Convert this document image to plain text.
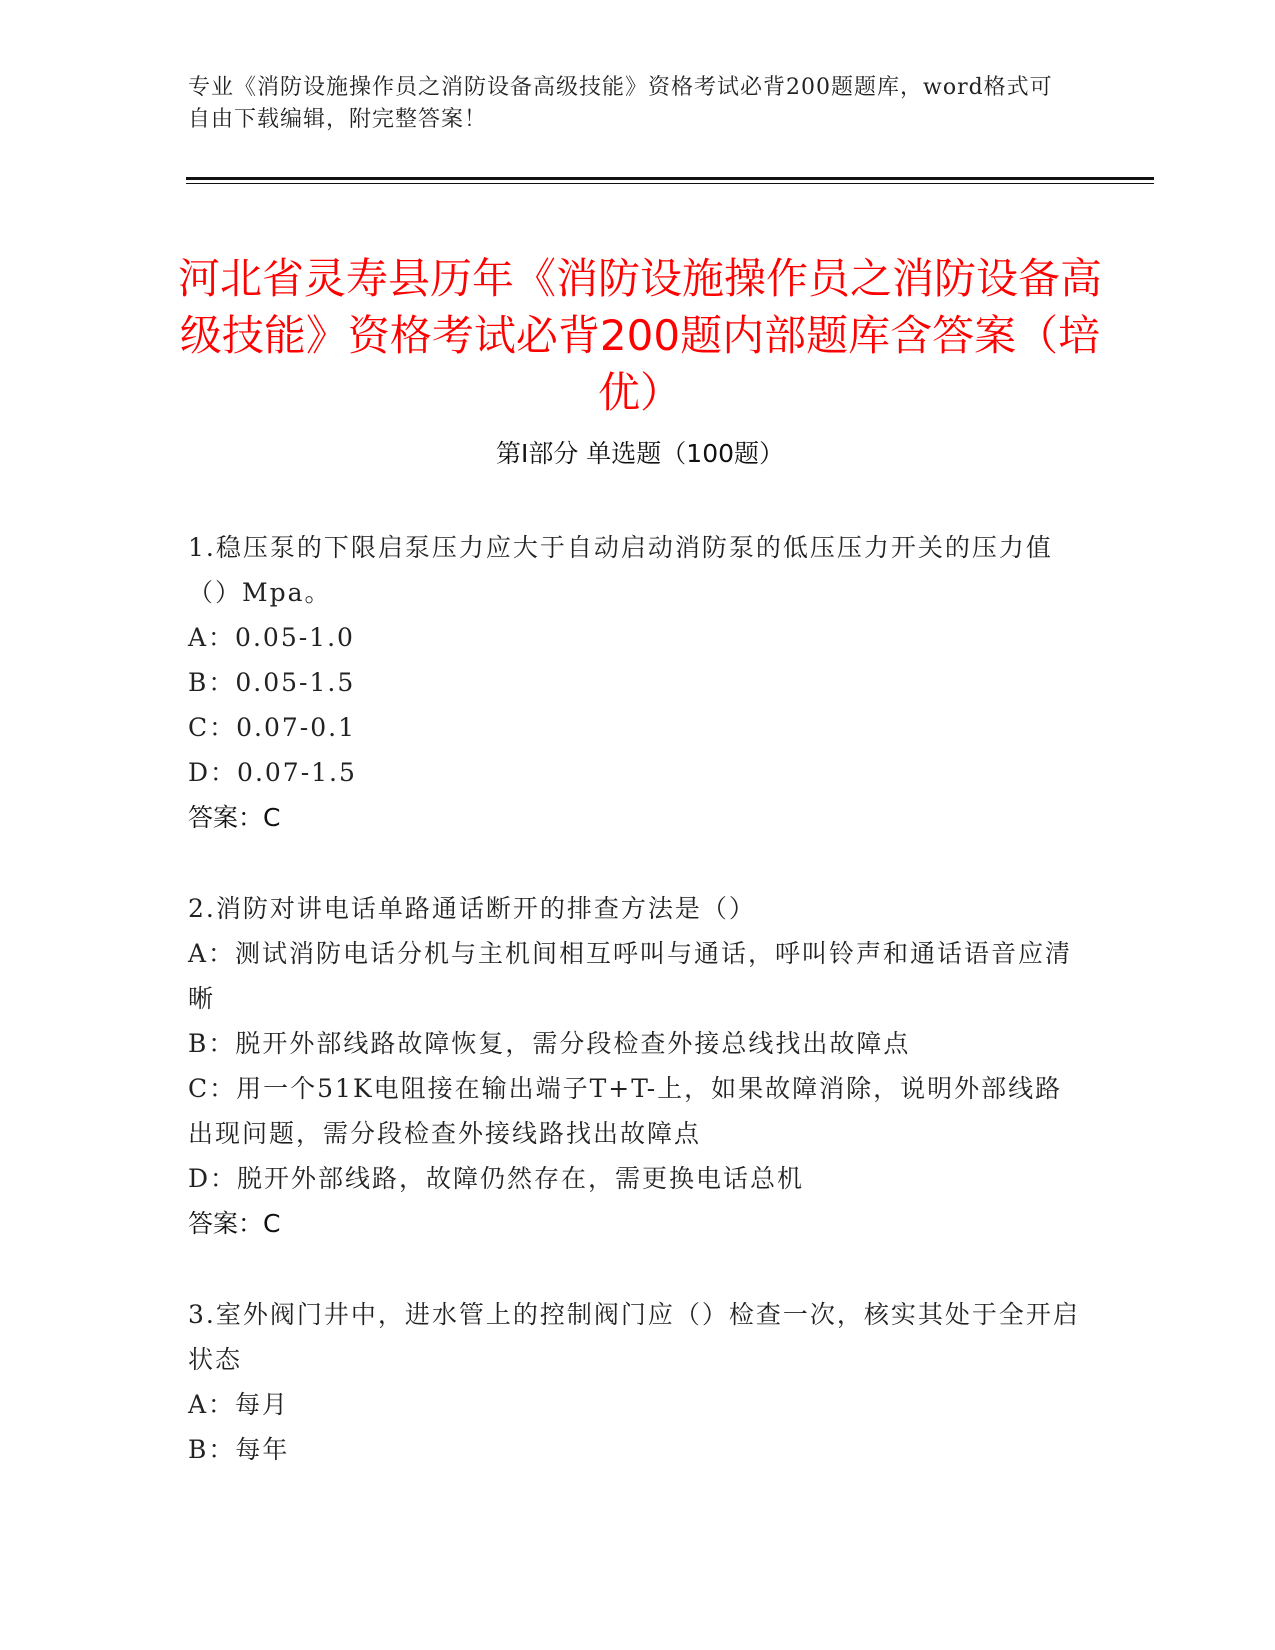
专业《消防设施操作员之消防设备高级技能》资格考试必背200题题库，word格式可自由下载编辑，附完整答案！
河北省灵寿县历年《消防设施操作员之消防设备高级技能》资格考试必背200题内部题库含答案（培优）
第Ⅰ部分 单选题（100题）

1.稳压泵的下限启泵压力应大于自动启动消防泵的低压压力开关的压力值（）Mpa。

A：0.05-1.0

B：0.05-1.5

C：0.07-0.1

D：0.07-1.5

答案：C

2.消防对讲电话单路通话断开的排查方法是（）

A：测试消防电话分机与主机间相互呼叫与通话，呼叫铃声和通话语音应清晰

B：脱开外部线路故障恢复，需分段检查外接总线找出故障点

C：用一个51K电阻接在输出端子T+T-上，如果故障消除，说明外部线路出现问题，需分段检查外接线路找出故障点

D：脱开外部线路，故障仍然存在，需更换电话总机

答案：C

3.室外阀门井中，进水管上的控制阀门应（）检查一次，核实其处于全开启状态

A：每月

B：每年
